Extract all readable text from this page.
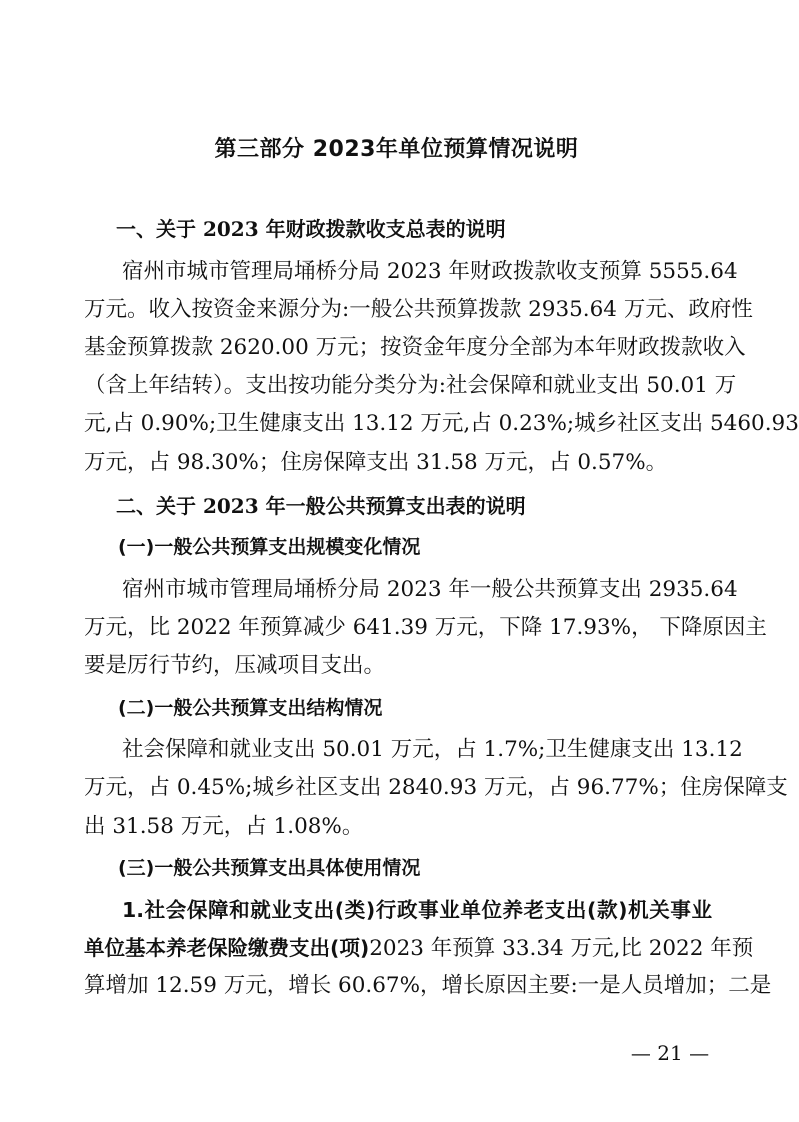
第三部分 2023年单位预算情况说明
一、关于 2023 年财政拨款收支总表的说明
宿州市城市管理局埇桥分局 2023 年财政拨款收支预算 5555.64
万元。收入按资金来源分为:一般公共预算拨款 2935.64 万元、政府性
基金预算拨款 2620.00 万元；按资金年度分全部为本年财政拨款收入
（含上年结转）。支出按功能分类分为:社会保障和就业支出 50.01 万
元,占 0.90%;卫生健康支出 13.12 万元,占 0.23%;城乡社区支出 5460.93
万元，占 98.30%；住房保障支出 31.58 万元，占 0.57%。
二、关于 2023 年一般公共预算支出表的说明
(一)一般公共预算支出规模变化情况
宿州市城市管理局埇桥分局 2023 年一般公共预算支出 2935.64
万元，比 2022 年预算减少 641.39 万元，下降 17.93%， 下降原因主
要是厉行节约，压减项目支出。
(二)一般公共预算支出结构情况
社会保障和就业支出 50.01 万元，占 1.7%;卫生健康支出 13.12
万元，占 0.45%;城乡社区支出 2840.93 万元，占 96.77%；住房保障支
出 31.58 万元，占 1.08%。
(三)一般公共预算支出具体使用情况
1.社会保障和就业支出(类)行政事业单位养老支出(款)机关事业
单位基本养老保险缴费支出(项)2023 年预算 33.34 万元,比 2022 年预
算增加 12.59 万元，增长 60.67%，增长原因主要:一是人员增加；二是
— 21 —
